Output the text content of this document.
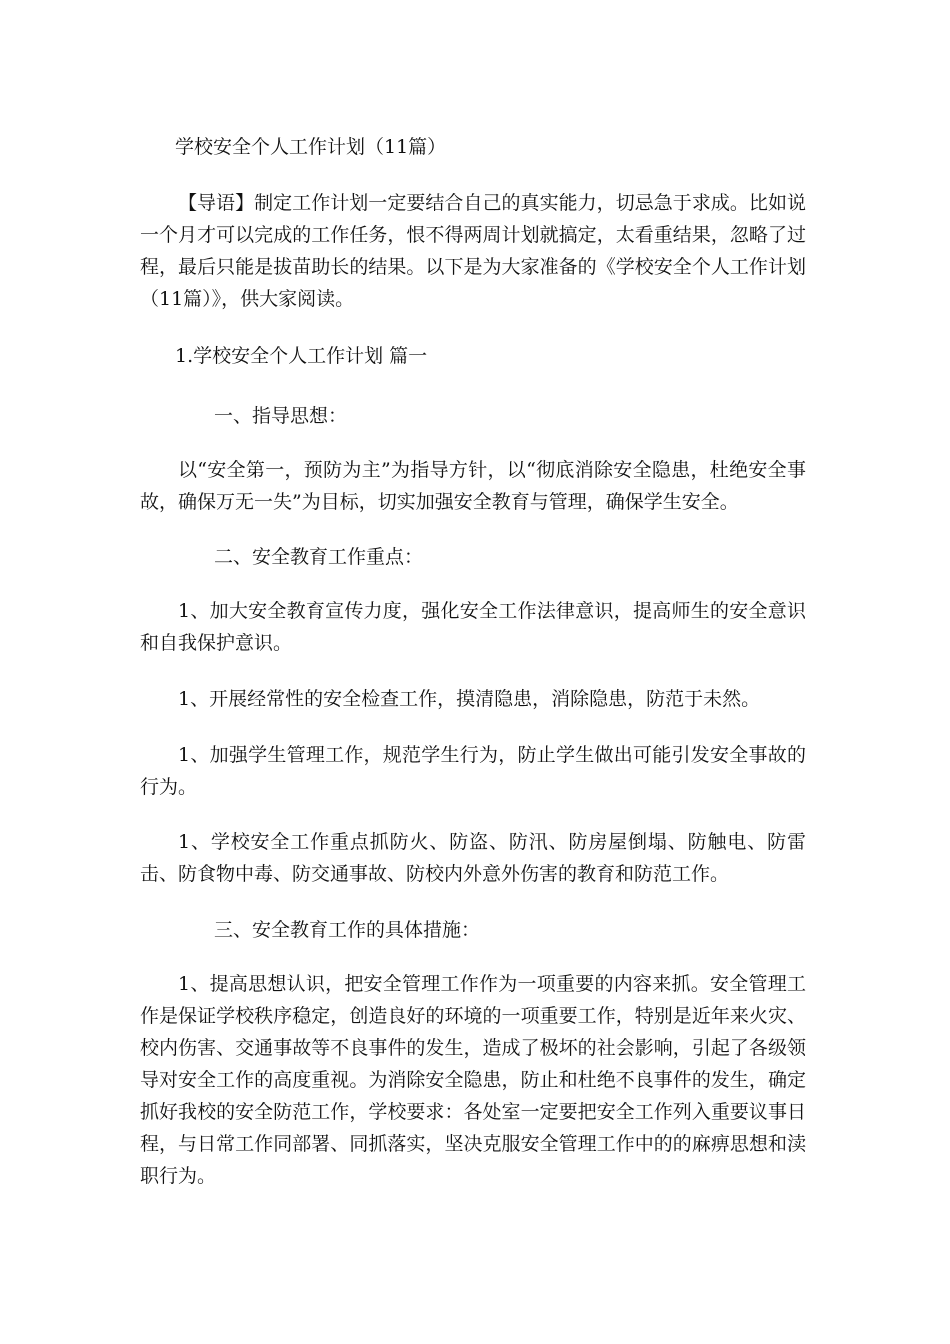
学校安全个人工作计划（11篇）

【导语】制定工作计划一定要结合自己的真实能力，切忌急于求成。比如说一个月才可以完成的工作任务，恨不得两周计划就搞定，太看重结果，忽略了过程，最后只能是拔苗助长的结果。以下是为大家准备的《学校安全个人工作计划（11篇）》，供大家阅读。

1.学校安全个人工作计划 篇一
一、指导思想：

以“安全第一，预防为主”为指导方针，以“彻底消除安全隐患，杜绝安全事故，确保万无一失”为目标，切实加强安全教育与管理，确保学生安全。

二、安全教育工作重点：

1、加大安全教育宣传力度，强化安全工作法律意识，提高师生的安全意识和自我保护意识。

1、开展经常性的安全检查工作，摸清隐患，消除隐患，防范于未然。

1、加强学生管理工作，规范学生行为，防止学生做出可能引发安全事故的行为。

1、学校安全工作重点抓防火、防盗、防汛、防房屋倒塌、防触电、防雷击、防食物中毒、防交通事故、防校内外意外伤害的教育和防范工作。

三、安全教育工作的具体措施：

1、提高思想认识，把安全管理工作作为一项重要的内容来抓。安全管理工作是保证学校秩序稳定，创造良好的环境的一项重要工作，特别是近年来火灾、校内伤害、交通事故等不良事件的发生，造成了极坏的社会影响，引起了各级领导对安全工作的高度重视。为消除安全隐患，防止和杜绝不良事件的发生，确定抓好我校的安全防范工作，学校要求：各处室一定要把安全工作列入重要议事日程，与日常工作同部署、同抓落实，坚决克服安全管理工作中的的麻痹思想和渎职行为。
